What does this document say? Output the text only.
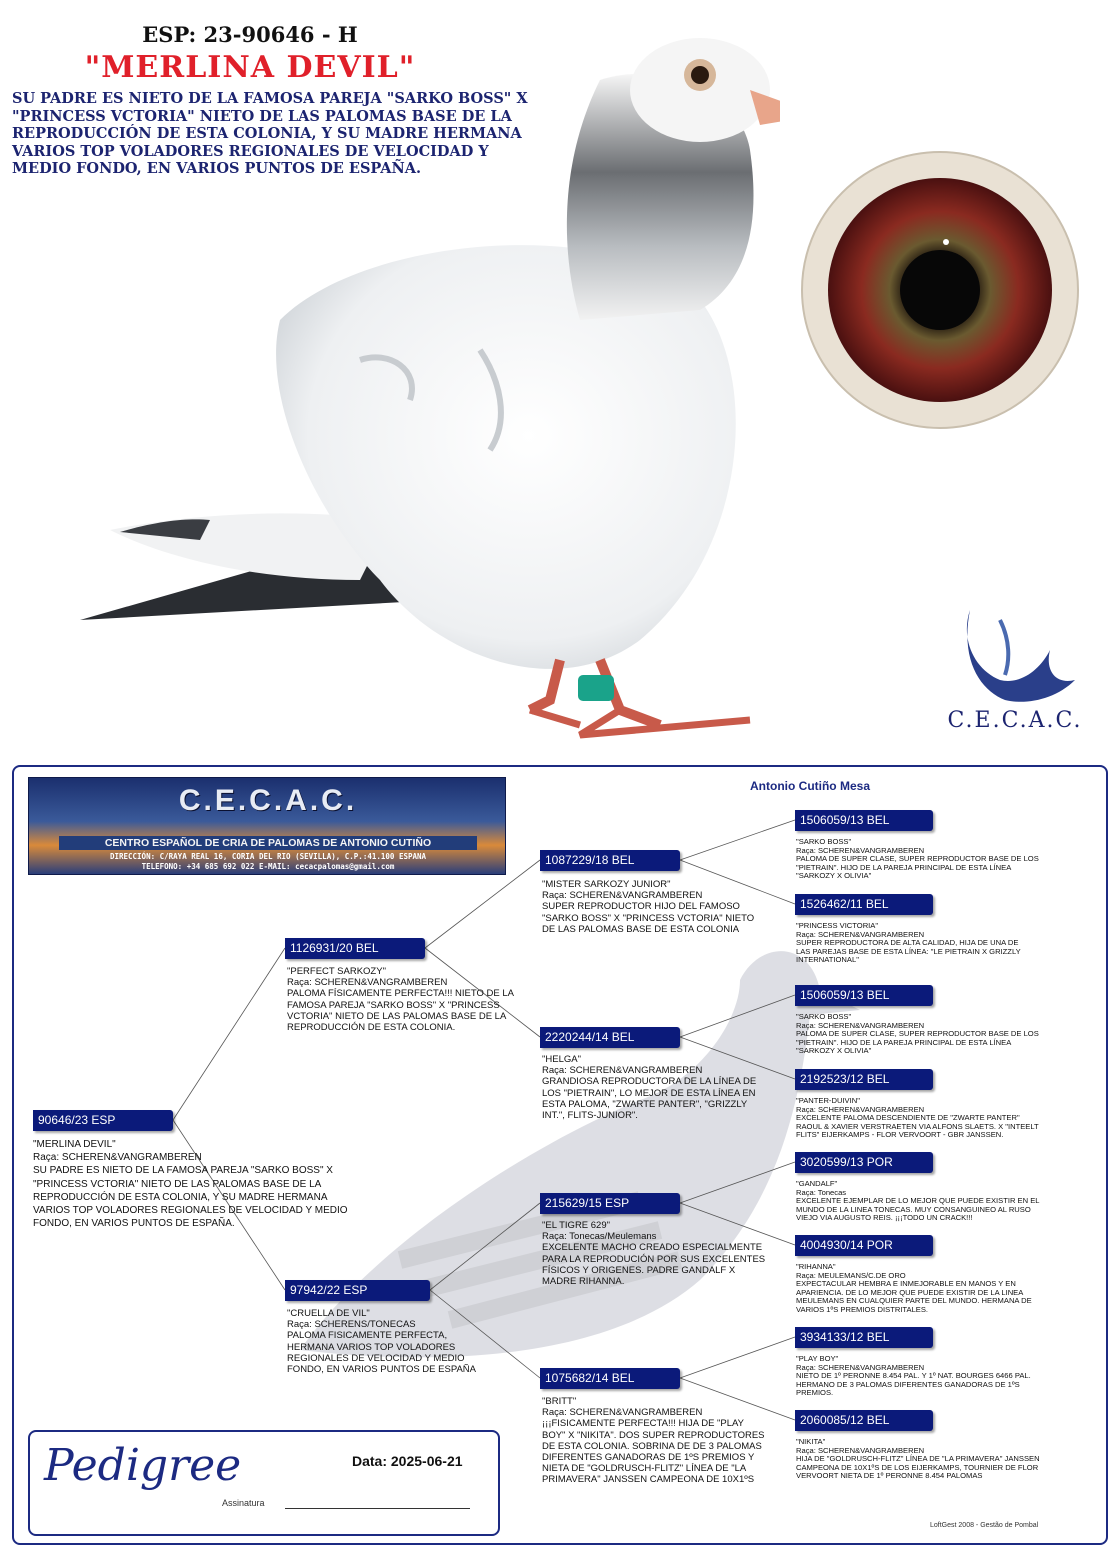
ESP: 23-90646 - H
"MERLINA DEVIL"
SU PADRE ES NIETO DE LA FAMOSA PAREJA "SARKO BOSS" X "PRINCESS VCTORIA" NIETO DE LAS PALOMAS BASE DE LA REPRODUCCIÓN DE ESTA COLONIA, Y SU MADRE HERMANA VARIOS TOP VOLADORES REGIONALES DE VELOCIDAD Y MEDIO FONDO, EN VARIOS PUNTOS DE ESPAÑA.
C.E.C.A.C.
C.E.C.A.C.
CENTRO ESPAÑOL DE CRIA DE PALOMAS DE ANTONIO CUTIÑO
DIRECCIÓN: C/RAYA REAL 16, CORIA DEL RIO (SEVILLA), C.P.:41.100 ESPANA
TELEFONO: +34 685 692 022 E-MAIL: cecacpalomas@gmail.com
Antonio Cutiño Mesa
90646/23 ESP
"MERLINA DEVIL"
Raça: SCHEREN&VANGRAMBEREN
SU PADRE ES NIETO DE LA FAMOSA PAREJA "SARKO BOSS" X "PRINCESS VCTORIA" NIETO DE LAS PALOMAS BASE DE LA REPRODUCCIÓN DE ESTA COLONIA, Y SU MADRE HERMANA VARIOS TOP VOLADORES REGIONALES DE VELOCIDAD Y MEDIO FONDO, EN VARIOS PUNTOS DE ESPAÑA.
1126931/20 BEL
"PERFECT SARKOZY"
Raça: SCHEREN&VANGRAMBEREN
PALOMA FÍSICAMENTE PERFECTA!!! NIETO DE LA FAMOSA PAREJA "SARKO BOSS" X "PRINCESS VCTORIA" NIETO DE LAS PALOMAS BASE DE LA REPRODUCCIÓN DE ESTA COLONIA.
97942/22 ESP
"CRUELLA DE VIL"
Raça: SCHERENS/TONECAS
PALOMA FISICAMENTE PERFECTA, HERMANA VARIOS TOP VOLADORES REGIONALES DE VELOCIDAD Y MEDIO FONDO, EN VARIOS PUNTOS DE ESPAÑA
1087229/18 BEL
"MISTER SARKOZY JUNIOR"
Raça: SCHEREN&VANGRAMBEREN
SUPER REPRODUCTOR HIJO DEL FAMOSO "SARKO BOSS" X "PRINCESS VCTORIA" NIETO DE LAS PALOMAS BASE DE ESTA COLONIA
2220244/14 BEL
"HELGA"
Raça: SCHEREN&VANGRAMBEREN
GRANDIOSA REPRODUCTORA DE LA LÍNEA DE LOS "PIETRAIN", LO MEJOR DE ESTA LÍNEA EN ESTA PALOMA, "ZWARTE PANTER", "GRIZZLY INT.", FLITS-JUNIOR".
215629/15 ESP
"EL TIGRE 629"
Raça: Tonecas/Meulemans
EXCELENTE MACHO CREADO ESPECIALMENTE PARA LA REPRODUCIÓN POR SUS EXCELENTES FÍSICOS Y ORIGENES. PADRE GANDALF X MADRE RIHANNA.
1075682/14 BEL
"BRITT"
Raça: SCHEREN&VANGRAMBEREN
¡¡¡FISICAMENTE PERFECTA!!! HIJA DE "PLAY BOY" X "NIKITA". DOS SUPER REPRODUCTORES DE ESTA COLONIA. SOBRINA DE DE 3 PALOMAS DIFERENTES GANADORAS DE 1ºS PREMIOS Y NIETA DE "GOLDRUSCH-FLITZ" LÍNEA DE "LA PRIMAVERA" JANSSEN CAMPEONA DE 10X1ºS
1506059/13 BEL
"SARKO BOSS"
Raça: SCHEREN&VANGRAMBEREN
PALOMA DE SUPER CLASE, SUPER REPRODUCTOR BASE DE LOS "PIETRAIN". HIJO DE LA PAREJA PRINCIPAL DE ESTA LÍNEA "SARKOZY X OLIVIA"
1526462/11 BEL
"PRINCESS VICTORIA"
Raça: SCHEREN&VANGRAMBEREN
SUPER REPRODUCTORA DE ALTA CALIDAD, HIJA DE UNA DE LAS PAREJAS BASE DE ESTA LÍNEA: "LE PIETRAIN X GRIZZLY INTERNATIONAL"
1506059/13 BEL
"SARKO BOSS"
Raça: SCHEREN&VANGRAMBEREN
PALOMA DE SUPER CLASE, SUPER REPRODUCTOR BASE DE LOS "PIETRAIN". HIJO DE LA PAREJA PRINCIPAL DE ESTA LÍNEA "SARKOZY X OLIVIA"
2192523/12 BEL
"PANTER-DUIVIN"
Raça: SCHEREN&VANGRAMBEREN
EXCELENTE PALOMA DESCENDIENTE DE "ZWARTE PANTER" RAOUL & XAVIER VERSTRAETEN VIA ALFONS SLAETS. X "INTEELT FLITS" EIJERKAMPS - FLOR VERVOORT - GBR JANSSEN.
3020599/13 POR
"GANDALF"
Raça: Tonecas
EXCELENTE EJEMPLAR DE LO MEJOR QUE PUEDE EXISTIR EN EL MUNDO DE LA LINEA TONECAS. MUY CONSANGUINEO AL RUSO VIEJO VIA AUGUSTO REIS. ¡¡¡TODO UN CRACK!!!
4004930/14 POR
"RIHANNA"
Raça: MEULEMANS/C.DE ORO
EXPECTACULAR HEMBRA E INMEJORABLE EN MANOS Y EN APARIENCIA. DE LO MEJOR QUE PUEDE EXISTIR DE LA LINEA MEULEMANS EN CUALQUIER PARTE DEL MUNDO. HERMANA DE VARIOS 1ºS PREMIOS DISTRITALES.
3934133/12 BEL
"PLAY BOY"
Raça: SCHEREN&VANGRAMBEREN
NIETO DE 1º PERONNE 8.454 PAL. Y 1º NAT. BOURGES 6466 PAL. HERMANO DE 3 PALOMAS DIFERENTES GANADORAS DE 1ºS PREMIOS.
2060085/12 BEL
"NIKITA"
Raça: SCHEREN&VANGRAMBEREN
HIJA DE "GOLDRUSCH-FLITZ" LÍNEA DE "LA PRIMAVERA" JANSSEN CAMPEONA DE 10X1ºS DE LOS EIJERKAMPS, TOURNIER DE FLOR VERVOORT NIETA DE 1º PERONNE 8.454 PALOMAS
Pedigree	Data: 2025-06-21
Assinatura
LoftGest 2008 - Gestão de Pombal
